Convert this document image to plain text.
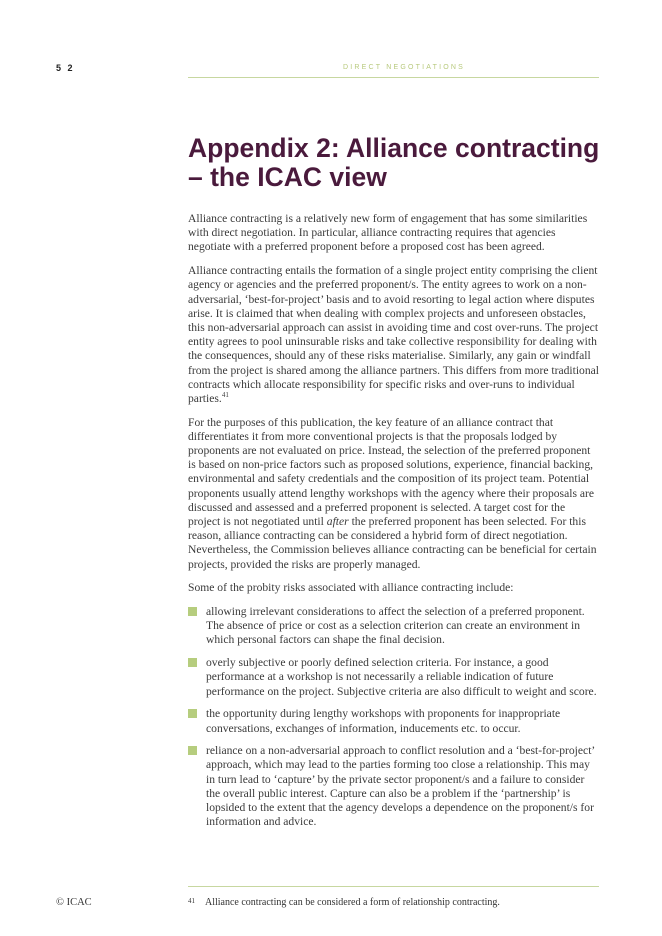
5 2	DIRECT NEGOTIATIONS
Appendix 2: Alliance contracting
– the ICAC view

Alliance contracting is a relatively new form of engagement that has some similarities with direct negotiation. In particular, alliance contracting requires that agencies negotiate with a preferred proponent before a proposed cost has been agreed.

Alliance contracting entails the formation of a single project entity comprising the client agency or agencies and the preferred proponent/s. The entity agrees to work on a non-adversarial, ‘best-for-project’ basis and to avoid resorting to legal action where disputes arise. It is claimed that when dealing with complex projects and unforeseen obstacles, this non-adversarial approach can assist in avoiding time and cost over-runs. The project entity agrees to pool uninsurable risks and take collective responsibility for dealing with the consequences, should any of these risks materialise. Similarly, any gain or windfall from the project is shared among the alliance partners. This differs from more traditional contracts which allocate responsibility for specific risks and over-runs to individual parties.$^{41}$

For the purposes of this publication, the key feature of an alliance contract that differentiates it from more conventional projects is that the proposals lodged by proponents are not evaluated on price. Instead, the selection of the preferred proponent is based on non-price factors such as proposed solutions, experience, financial backing, environmental and safety credentials and the composition of its project team. Potential proponents usually attend lengthy workshops with the agency where their proposals are discussed and assessed and a preferred proponent is selected. A target cost for the project is not negotiated until after the preferred proponent has been selected. For this reason, alliance contracting can be considered a hybrid form of direct negotiation. Nevertheless, the Commission believes alliance contracting can be beneficial for certain projects, provided the risks are properly managed.

Some of the probity risks associated with alliance contracting include:

allowing irrelevant considerations to affect the selection of a preferred proponent. The absence of price or cost as a selection criterion can create an environment in which personal factors can shape the final decision.
overly subjective or poorly defined selection criteria. For instance, a good performance at a workshop is not necessarily a reliable indication of future performance on the project. Subjective criteria are also difficult to weight and score.
the opportunity during lengthy workshops with proponents for inappropriate conversations, exchanges of information, inducements etc. to occur.
reliance on a non-adversarial approach to conflict resolution and a ‘best-for-project’ approach, which may lead to the parties forming too close a relationship. This may in turn lead to ‘capture’ by the private sector proponent/s and a failure to consider the overall public interest. Capture can also be a problem if the ‘partnership’ is lopsided to the extent that the agency develops a dependence on the proponent/s for information and advice.
© ICAC	$^{41}$ Alliance contracting can be considered a form of relationship contracting.
